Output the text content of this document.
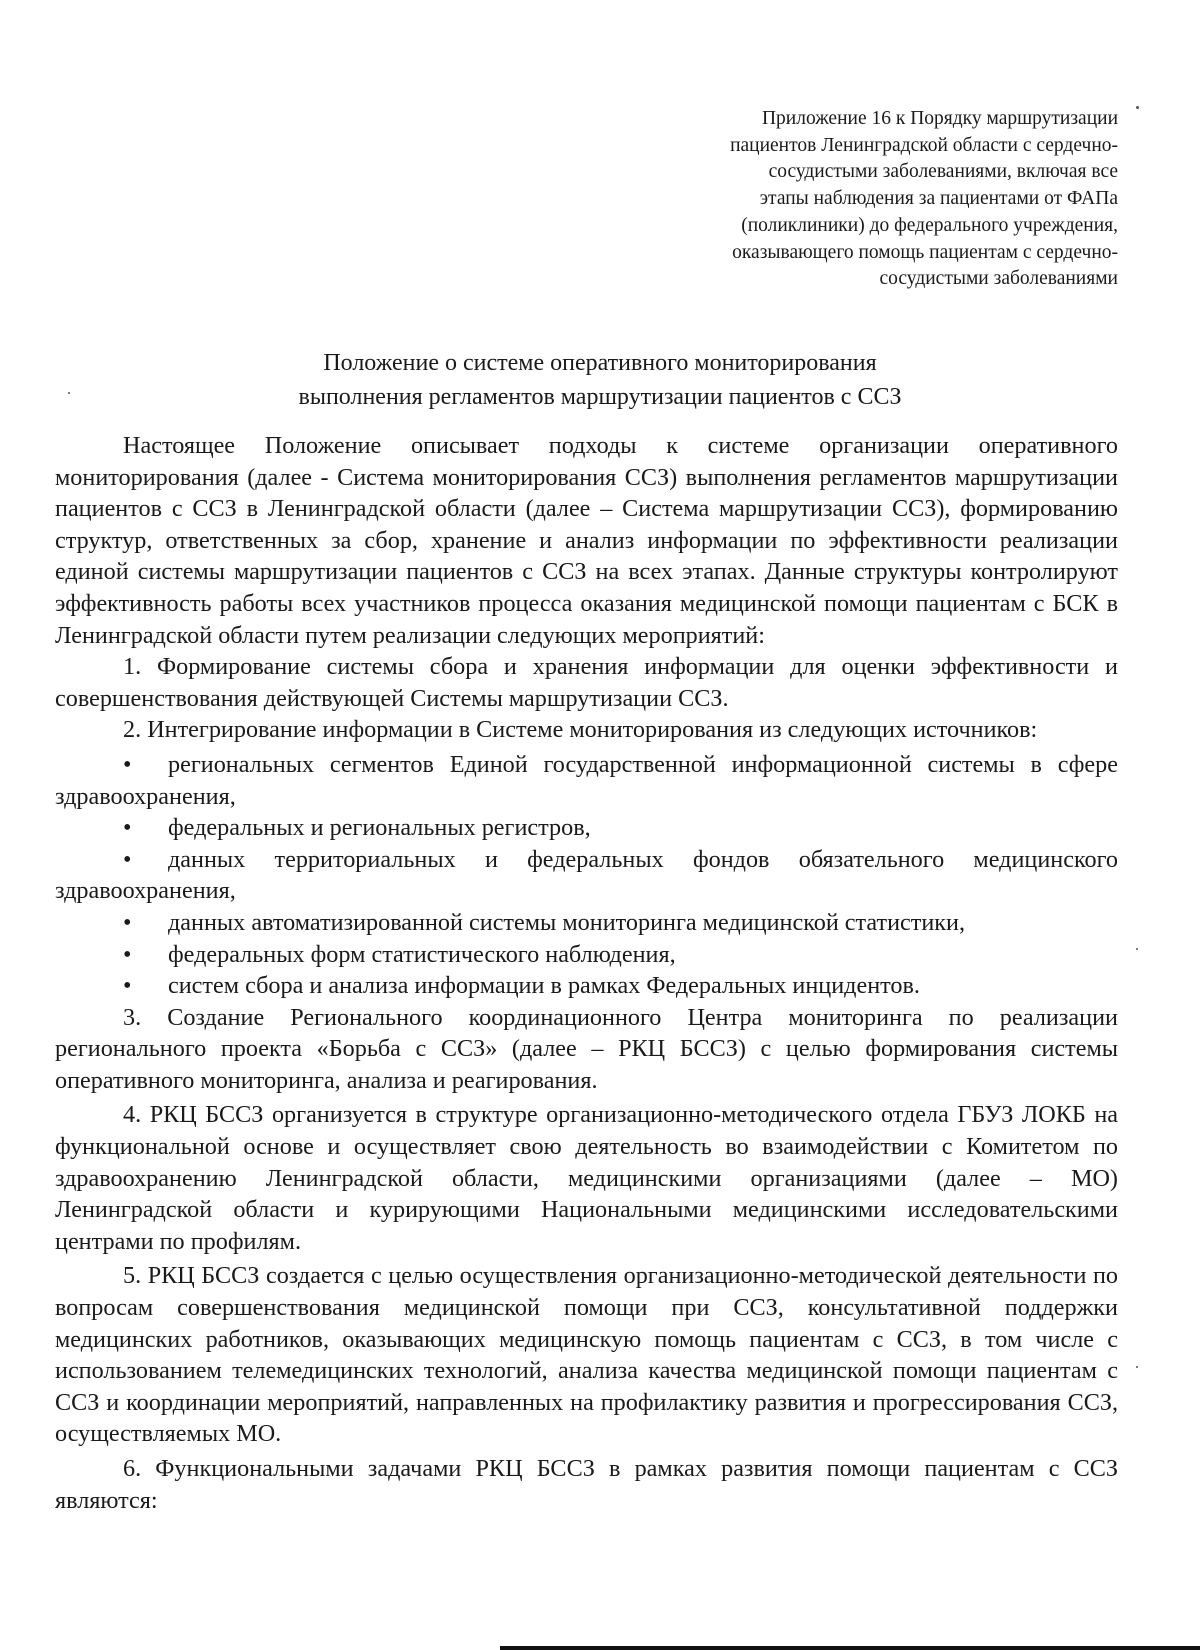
Приложение 16 к Порядку маршрутизации
пациентов Ленинградской области с сердечно-
сосудистыми заболеваниями, включая все
этапы наблюдения за пациентами от ФАПа
(поликлиники) до федерального учреждения,
оказывающего помощь пациентам с сердечно-
сосудистыми заболеваниями
Положение о системе оперативного мониторирования
выполнения регламентов маршрутизации пациентов с ССЗ

Настоящее Положение описывает подходы к системе организации оперативного мониторирования (далее - Система мониторирования ССЗ) выполнения регламентов маршрутизации пациентов с ССЗ в Ленинградской области (далее – Система маршрутизации ССЗ), формированию структур, ответственных за сбор, хранение и анализ информации по эффективности реализации единой системы маршрутизации пациентов с ССЗ на всех этапах. Данные структуры контролируют эффективность работы всех участников процесса оказания медицинской помощи пациентам с БСК в Ленинградской области путем реализации следующих мероприятий:

1. Формирование системы сбора и хранения информации для оценки эффективности и совершенствования действующей Системы маршрутизации ССЗ.

2. Интегрирование информации в Системе мониторирования из следующих источников:

• региональных сегментов Единой государственной информационной системы в сфере здравоохранения,

• федеральных и региональных регистров,

• данных территориальных и федеральных фондов обязательного медицинского здравоохранения,

• данных автоматизированной системы мониторинга медицинской статистики,

• федеральных форм статистического наблюдения,

• систем сбора и анализа информации в рамках Федеральных инцидентов.

3. Создание Регионального координационного Центра мониторинга по реализации регионального проекта «Борьба с ССЗ» (далее – РКЦ БССЗ) с целью формирования системы оперативного мониторинга, анализа и реагирования.

4. РКЦ БССЗ организуется в структуре организационно-методического отдела ГБУЗ ЛОКБ на функциональной основе и осуществляет свою деятельность во взаимодействии с Комитетом по здравоохранению Ленинградской области, медицинскими организациями (далее – МО) Ленинградской области и курирующими Национальными медицинскими исследовательскими центрами по профилям.

5. РКЦ БССЗ создается с целью осуществления организационно-методической деятельности по вопросам совершенствования медицинской помощи при ССЗ, консультативной поддержки медицинских работников, оказывающих медицинскую помощь пациентам с ССЗ, в том числе с использованием телемедицинских технологий, анализа качества медицинской помощи пациентам с ССЗ и координации мероприятий, направленных на профилактику развития и прогрессирования ССЗ, осуществляемых МО.

6. Функциональными задачами РКЦ БССЗ в рамках развития помощи пациентам с ССЗ являются:
